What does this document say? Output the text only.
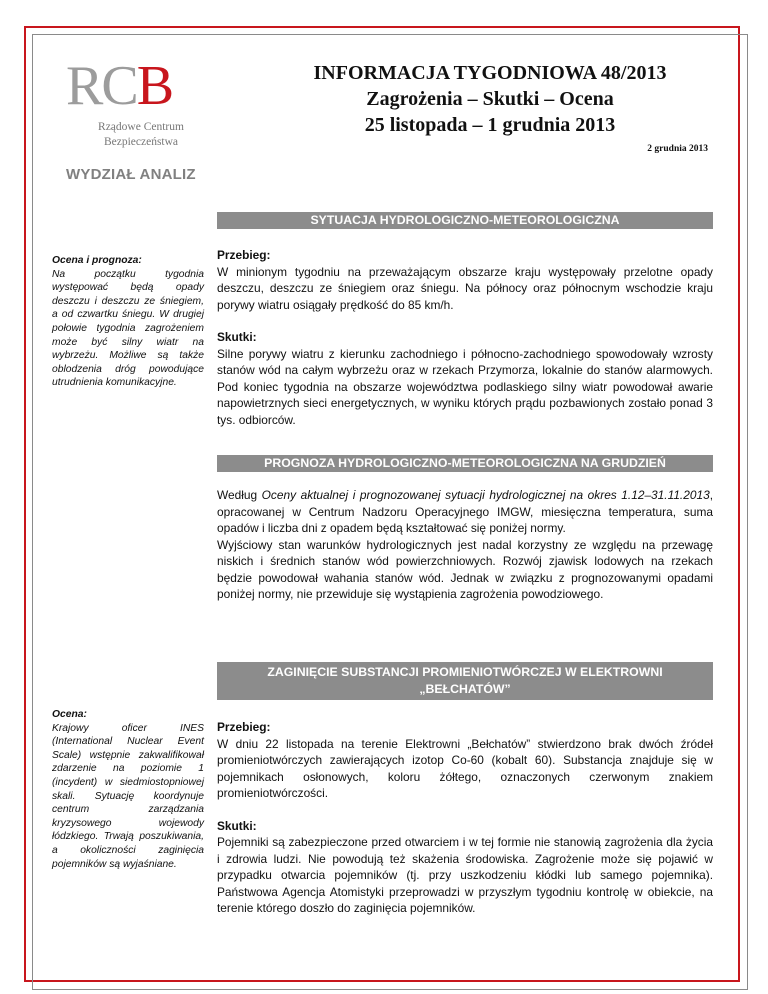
RCB
Rządowe Centrum
Bezpieczeństwa
INFORMACJA TYGODNIOWA 48/2013
Zagrożenia – Skutki – Ocena
25 listopada – 1 grudnia 2013
2 grudnia 2013
WYDZIAŁ ANALIZ
SYTUACJA HYDROLOGICZNO-METEOROLOGICZNA
Ocena i prognoza:
Na początku tygodnia występować będą opady deszczu i deszczu ze śniegiem, a od czwartku śniegu. W drugiej połowie tygodnia zagrożeniem może być silny wiatr na wybrzeżu. Możliwe są także oblodzenia dróg powodujące utrudnienia komunikacyjne.
Przebieg:

W minionym tygodniu na przeważającym obszarze kraju występowały przelotne opady deszczu, deszczu ze śniegiem oraz śniegu. Na północy oraz północnym wschodzie kraju porywy wiatru osiągały prędkość do 85 km/h.

Skutki:

Silne porywy wiatru z kierunku zachodniego i północno-zachodniego spowodowały wzrosty stanów wód na całym wybrzeżu oraz w rzekach Przymorza, lokalnie do stanów alarmowych. Pod koniec tygodnia na obszarze województwa podlaskiego silny wiatr powodował awarie napowietrznych sieci energetycznych, w wyniku których prądu pozbawionych zostało ponad 3 tys. odbiorców.

PROGNOZA HYDROLOGICZNO-METEOROLOGICZNA NA GRUDZIEŃ

Według Oceny aktualnej i prognozowanej sytuacji hydrologicznej na okres 1.12–31.11.2013, opracowanej w Centrum Nadzoru Operacyjnego IMGW, miesięczna temperatura, suma opadów i liczba dni z opadem będą kształtować się poniżej normy.

Wyjściowy stan warunków hydrologicznych jest nadal korzystny ze względu na przewagę niskich i średnich stanów wód powierzchniowych. Rozwój zjawisk lodowych na rzekach będzie powodował wahania stanów wód. Jednak w związku z prognozowanymi opadami poniżej normy, nie przewiduje się wystąpienia zagrożenia powodziowego.

ZAGINIĘCIE SUBSTANCJI PROMIENIOTWÓRCZEJ W ELEKTROWNI
„BEŁCHATÓW”
Ocena:
Krajowy oficer INES (International Nuclear Event Scale) wstępnie zakwalifikował zdarzenie na poziomie 1 (incydent) w siedmiostopniowej skali. Sytuację koordynuje centrum zarządzania kryzysowego wojewody łódzkiego. Trwają poszukiwania, a okoliczności zaginięcia pojemników są wyjaśniane.
Przebieg:

W dniu 22 listopada na terenie Elektrowni „Bełchatów” stwierdzono brak dwóch źródeł promieniotwórczych zawierających izotop Co-60 (kobalt 60). Substancja znajduje się w pojemnikach osłonowych, koloru żółtego, oznaczonych czerwonym znakiem promieniotwórczości.

Skutki:

Pojemniki są zabezpieczone przed otwarciem i w tej formie nie stanowią zagrożenia dla życia i zdrowia ludzi. Nie powodują też skażenia środowiska. Zagrożenie może się pojawić w przypadku otwarcia pojemników (tj. przy uszkodzeniu kłódki lub samego pojemnika). Państwowa Agencja Atomistyki przeprowadzi w przyszłym tygodniu kontrolę w obiekcie, na terenie którego doszło do zaginięcia pojemników.
